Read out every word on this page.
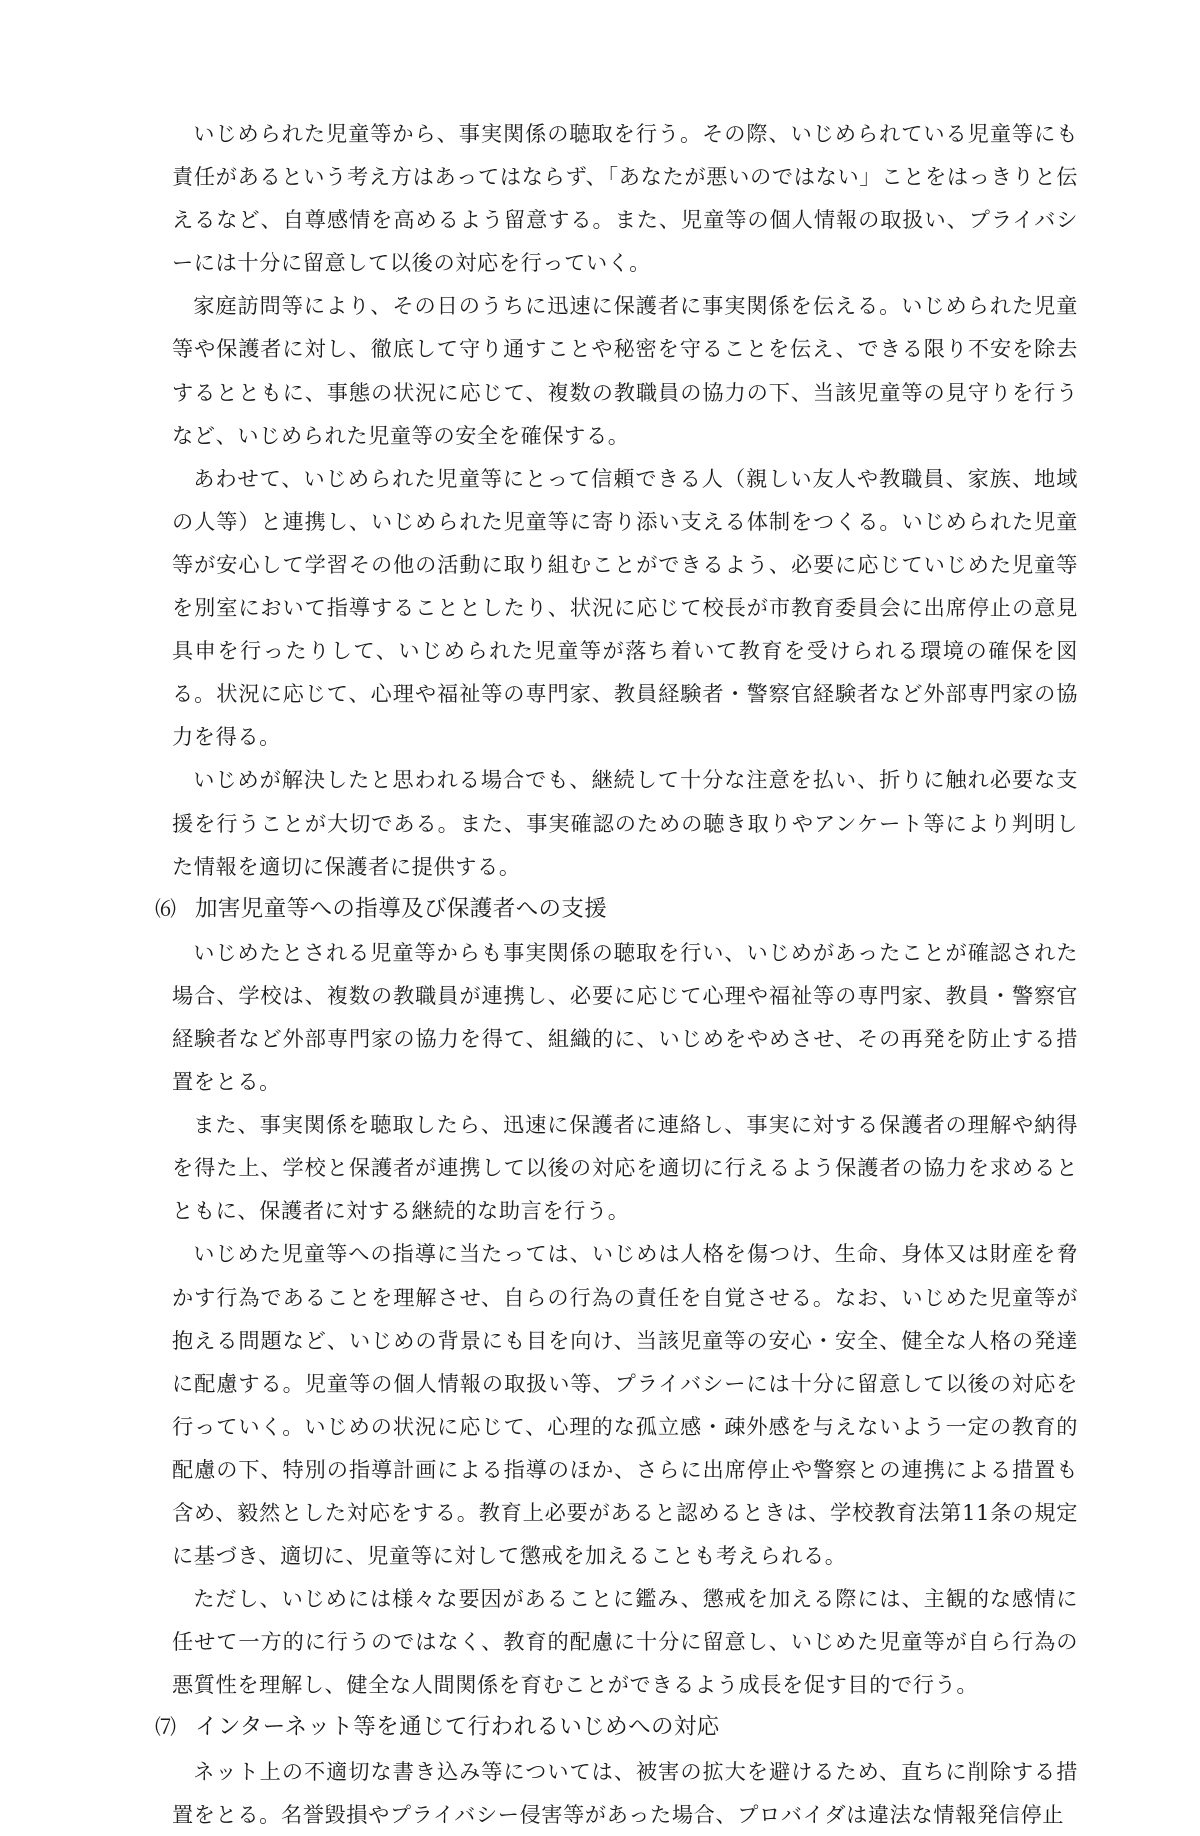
いじめられた児童等から、事実関係の聴取を行う。その際、いじめられている児童等にも責任があるという考え方はあってはならず、「あなたが悪いのではない」ことをはっきりと伝えるなど、自尊感情を高めるよう留意する。また、児童等の個人情報の取扱い、プライバシーには十分に留意して以後の対応を行っていく。

家庭訪問等により、その日のうちに迅速に保護者に事実関係を伝える。いじめられた児童等や保護者に対し、徹底して守り通すことや秘密を守ることを伝え、できる限り不安を除去するとともに、事態の状況に応じて、複数の教職員の協力の下、当該児童等の見守りを行うなど、いじめられた児童等の安全を確保する。

あわせて、いじめられた児童等にとって信頼できる人（親しい友人や教職員、家族、地域の人等）と連携し、いじめられた児童等に寄り添い支える体制をつくる。いじめられた児童等が安心して学習その他の活動に取り組むことができるよう、必要に応じていじめた児童等を別室において指導することとしたり、状況に応じて校長が市教育委員会に出席停止の意見具申を行ったりして、いじめられた児童等が落ち着いて教育を受けられる環境の確保を図る。状況に応じて、心理や福祉等の専門家、教員経験者・警察官経験者など外部専門家の協力を得る。

いじめが解決したと思われる場合でも、継続して十分な注意を払い、折りに触れ必要な支援を行うことが大切である。また、事実確認のための聴き取りやアンケート等により判明した情報を適切に保護者に提供する。

⑹ 加害児童等への指導及び保護者への支援

いじめたとされる児童等からも事実関係の聴取を行い、いじめがあったことが確認された場合、学校は、複数の教職員が連携し、必要に応じて心理や福祉等の専門家、教員・警察官経験者など外部専門家の協力を得て、組織的に、いじめをやめさせ、その再発を防止する措置をとる。

また、事実関係を聴取したら、迅速に保護者に連絡し、事実に対する保護者の理解や納得を得た上、学校と保護者が連携して以後の対応を適切に行えるよう保護者の協力を求めるとともに、保護者に対する継続的な助言を行う。

いじめた児童等への指導に当たっては、いじめは人格を傷つけ、生命、身体又は財産を脅かす行為であることを理解させ、自らの行為の責任を自覚させる。なお、いじめた児童等が抱える問題など、いじめの背景にも目を向け、当該児童等の安心・安全、健全な人格の発達に配慮する。児童等の個人情報の取扱い等、プライバシーには十分に留意して以後の対応を行っていく。いじめの状況に応じて、心理的な孤立感・疎外感を与えないよう一定の教育的配慮の下、特別の指導計画による指導のほか、さらに出席停止や警察との連携による措置も含め、毅然とした対応をする。教育上必要があると認めるときは、学校教育法第11条の規定に基づき、適切に、児童等に対して懲戒を加えることも考えられる。

ただし、いじめには様々な要因があることに鑑み、懲戒を加える際には、主観的な感情に任せて一方的に行うのではなく、教育的配慮に十分に留意し、いじめた児童等が自ら行為の悪質性を理解し、健全な人間関係を育むことができるよう成長を促す目的で行う。

⑺ インターネット等を通じて行われるいじめへの対応

ネット上の不適切な書き込み等については、被害の拡大を避けるため、直ちに削除する措置をとる。名誉毀損やプライバシー侵害等があった場合、プロバイダは違法な情報発信停止
